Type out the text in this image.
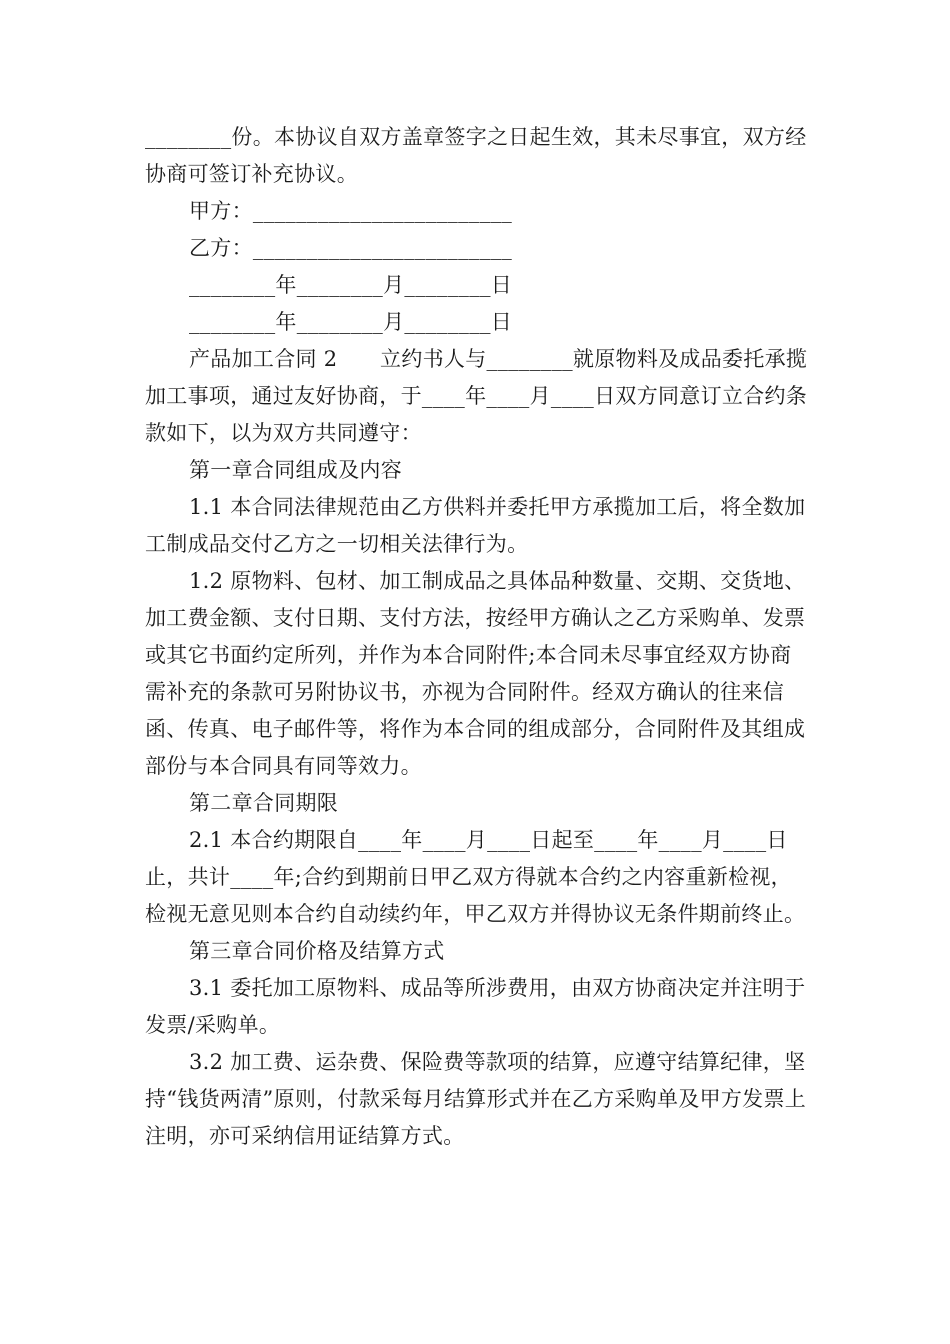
________份。本协议自双方盖章签字之日起生效，其未尽事宜，双方经协商可签订补充协议。

甲方：________________________

乙方：________________________

________年________月________日

________年________月________日

产品加工合同 2　　立约书人与________就原物料及成品委托承揽加工事项，通过友好协商，于____年____月____日双方同意订立合约条款如下，以为双方共同遵守：

第一章合同组成及内容

1.1 本合同法律规范由乙方供料并委托甲方承揽加工后，将全数加工制成品交付乙方之一切相关法律行为。

1.2 原物料、包材、加工制成品之具体品种数量、交期、交货地、加工费金额、支付日期、支付方法，按经甲方确认之乙方采购单、发票或其它书面约定所列，并作为本合同附件;本合同未尽事宜经双方协商需补充的条款可另附协议书，亦视为合同附件。经双方确认的往来信函、传真、电子邮件等，将作为本合同的组成部分，合同附件及其组成部份与本合同具有同等效力。

第二章合同期限

2.1 本合约期限自____年____月____日起至____年____月____日止，共计____年;合约到期前日甲乙双方得就本合约之内容重新检视，检视无意见则本合约自动续约年，甲乙双方并得协议无条件期前终止。

第三章合同价格及结算方式

3.1 委托加工原物料、成品等所涉费用，由双方协商决定并注明于发票/采购单。

3.2 加工费、运杂费、保险费等款项的结算，应遵守结算纪律，坚持“钱货两清”原则，付款采每月结算形式并在乙方采购单及甲方发票上注明，亦可采纳信用证结算方式。
